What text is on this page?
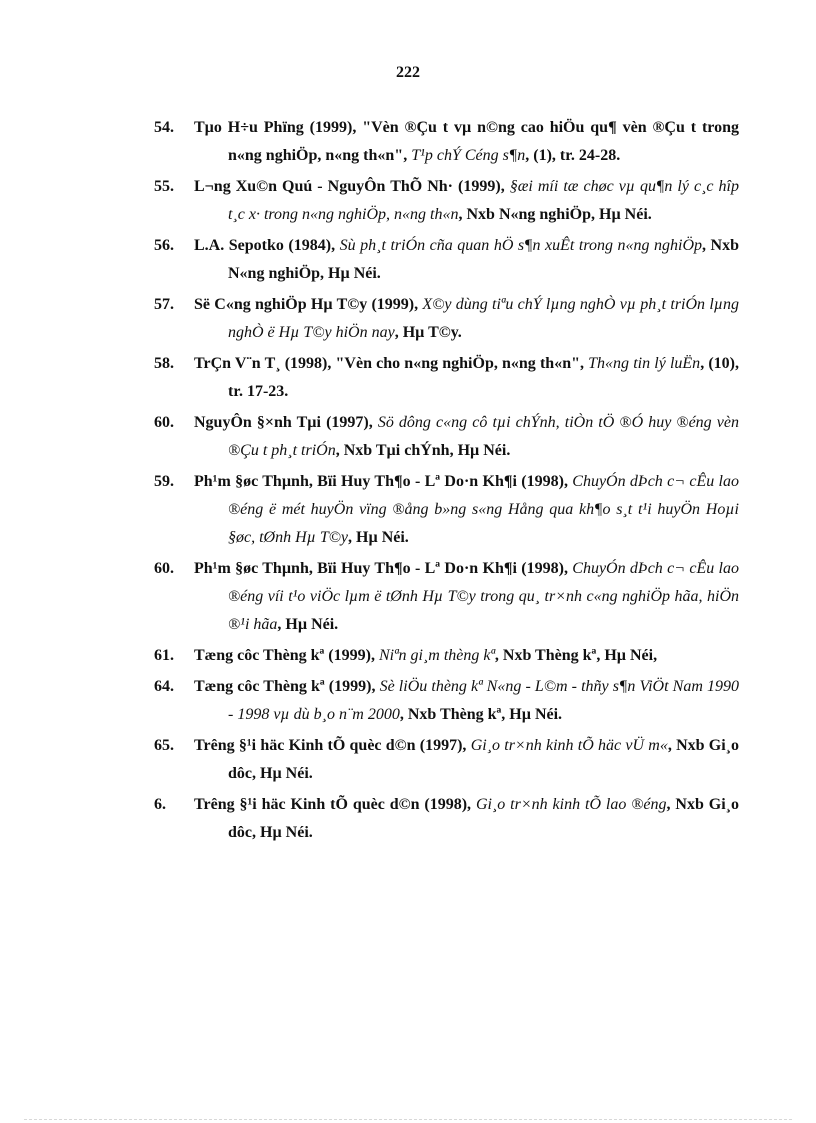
222
54.	Tµo H÷u Phïng (1999), "Vèn ®Çu t vµ n©ng cao hiÖu qu¶ vèn ®Çu t trong n«ng nghiÖp, n«ng th«n", T¹p chÝ Céng s¶n, (1), tr. 24-28.
55.	L¬ng Xu©n Quú - NguyÔn ThÕ Nh· (1999), §æi míi tæ chøc vµ qu¶n lý c¸c hîp t¸c x· trong n«ng nghiÖp, n«ng th«n, Nxb N«ng nghiÖp, Hµ Néi.
56.	L.A. Sepotko (1984), Sù ph¸t triÓn cña quan hÖ s¶n xuÊt trong n«ng nghiÖp, Nxb N«ng nghiÖp, Hµ Néi.
57.	Së C«ng nghiÖp Hµ T©y (1999), X©y dùng tiªu chÝ lµng nghÒ vµ ph¸t triÓn lµng nghÒ ë Hµ T©y hiÖn nay, Hµ T©y.
58.	TrÇn V¨n T¸ (1998), "Vèn cho n«ng nghiÖp, n«ng th«n", Th«ng tin lý luËn, (10), tr. 17-23.
60.	NguyÔn §×nh Tµi (1997), Sö dông c«ng cô tµi chÝnh, tiÒn tÖ ®Ó huy ®éng vèn ®Çu t ph¸t triÓn, Nxb Tµi chÝnh, Hµ Néi.
59.	Ph¹m §øc Thµnh, Bïi Huy Th¶o - Lª Do·n Kh¶i (1998), ChuyÓn dÞch c¬ cÊu lao ®éng ë mét huyÖn vïng ®ång b»ng s«ng Hång qua kh¶o s¸t t¹i huyÖn Hoµi §øc, tØnh Hµ T©y, Hµ Néi.
60.	Ph¹m §øc Thµnh, Bïi Huy Th¶o - Lª Do·n Kh¶i (1998), ChuyÓn dÞch c¬ cÊu lao ®éng víi t¹o viÖc lµm ë tØnh Hµ T©y trong qu¸ tr×nh c«ng nghiÖp hãa, hiÖn ®¹i hãa, Hµ Néi.
61.	Tæng côc Thèng kª (1999), Niªn gi¸m thèng kª, Nxb Thèng kª, Hµ Néi,
64.	Tæng côc Thèng kª (1999), Sè liÖu thèng kª N«ng - L©m - thñy s¶n ViÖt Nam 1990 - 1998 vµ dù b¸o n¨m 2000, Nxb Thèng kª, Hµ Néi.
65.	Trêng §¹i häc Kinh tÕ quèc d©n (1997), Gi¸o tr×nh kinh tÕ häc vÜ m«, Nxb Gi¸o dôc, Hµ Néi.
6.	Trêng §¹i häc Kinh tÕ quèc d©n (1998), Gi¸o tr×nh kinh tÕ lao ®éng, Nxb Gi¸o dôc, Hµ Néi.
